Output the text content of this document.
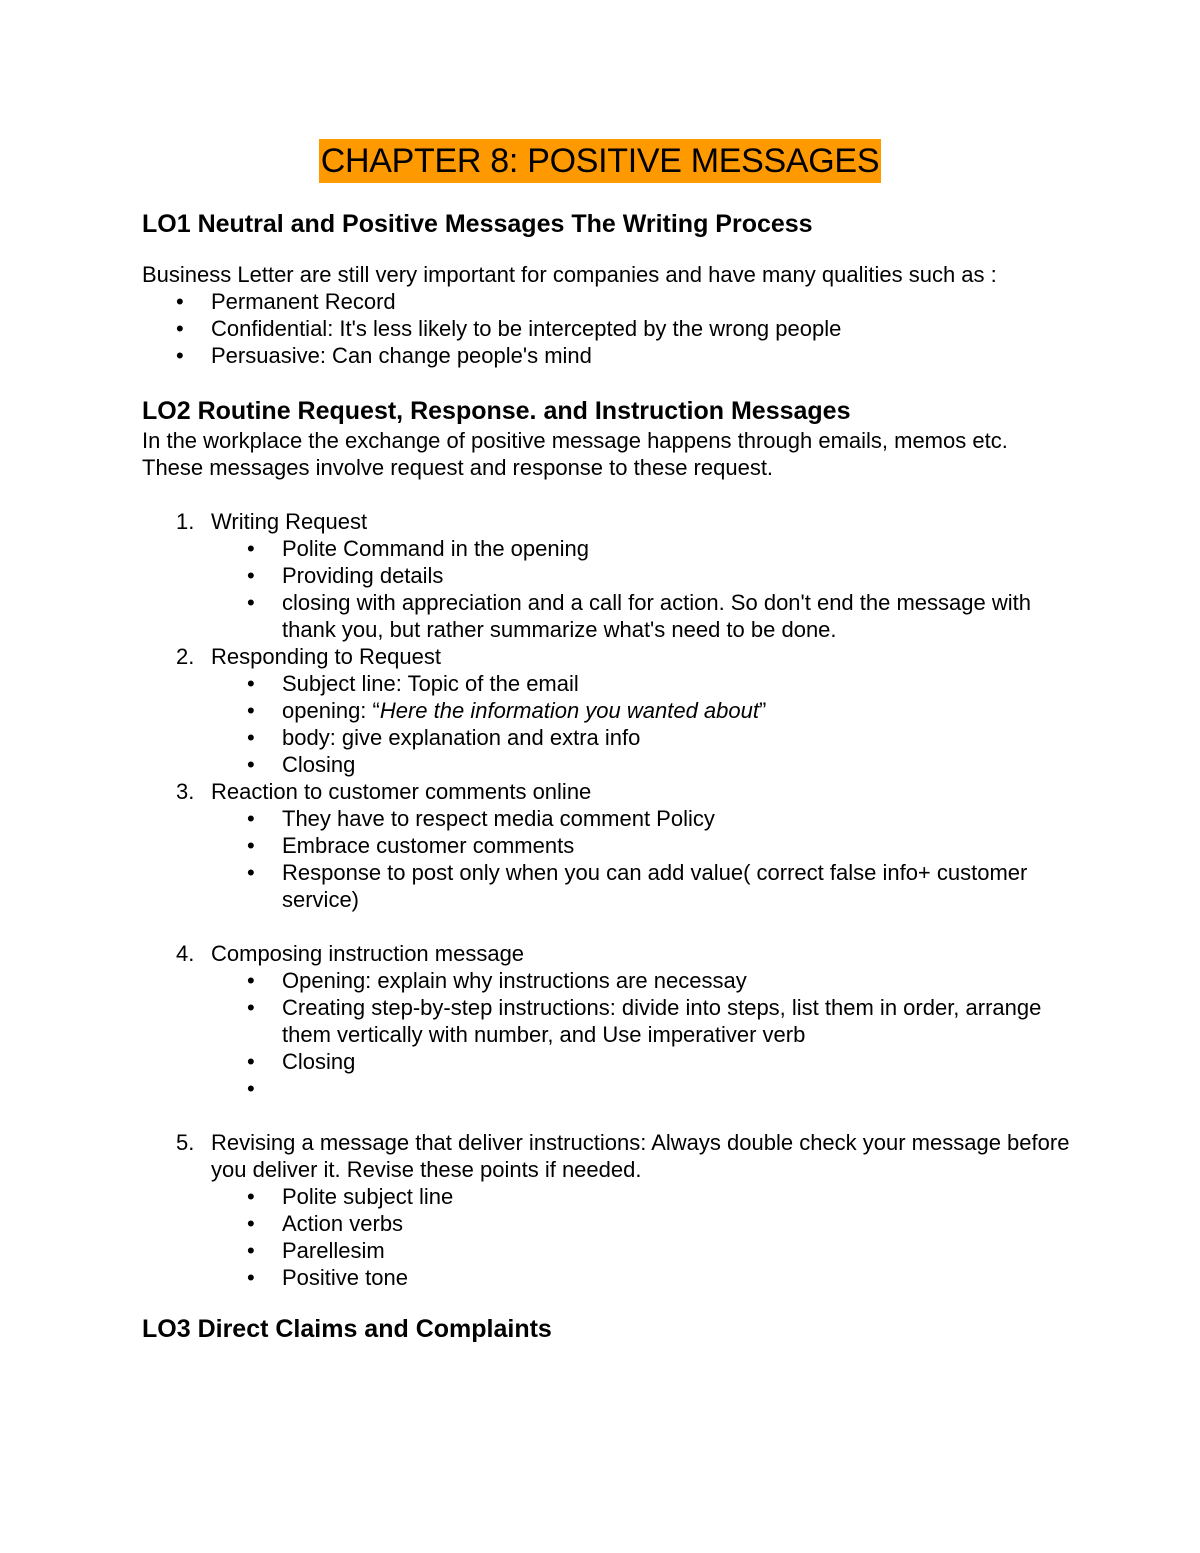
CHAPTER 8: POSITIVE MESSAGES
LO1 Neutral and Positive Messages The Writing Process

Business Letter are still very important for companies and have many qualities such as :

• Permanent Record
• Confidential: It's less likely to be intercepted by the wrong people
• Persuasive: Can change people's mind
LO2 Routine Request, Response. and Instruction Messages

In the workplace the exchange of positive message happens through emails, memos etc. These messages involve request and response to these request.

1. Writing Request
• Polite Command in the opening
• Providing details
• closing with appreciation and a call for action. So don't end the message with thank you, but rather summarize what's need to be done.
2. Responding to Request
• Subject line: Topic of the email
• opening: “Here the information you wanted about”
• body: give explanation and extra info
• Closing
3. Reaction to customer comments online
• They have to respect media comment Policy
• Embrace customer comments
• Response to post only when you can add value( correct false info+ customer service)
4. Composing instruction message
• Opening: explain why instructions are necessay
• Creating step-by-step instructions: divide into steps, list them in order, arrange them vertically with number, and Use imperativer verb
• Closing
•
5. Revising a message that deliver instructions: Always double check your message before you deliver it. Revise these points if needed.
• Polite subject line
• Action verbs
• Parellesim
• Positive tone
LO3 Direct Claims and Complaints
